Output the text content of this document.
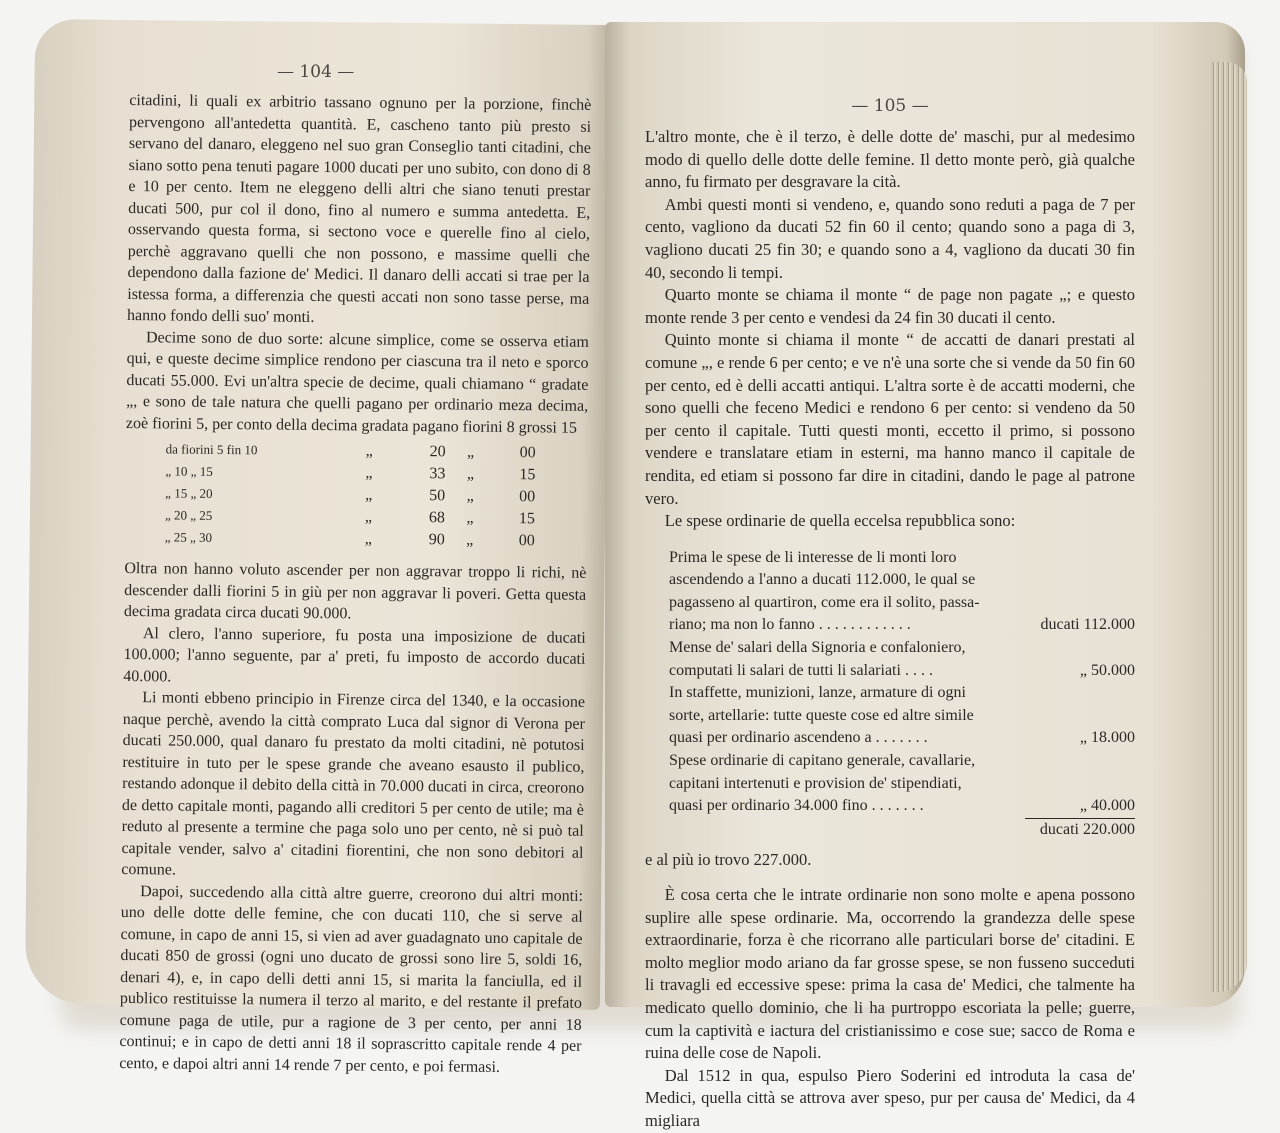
— 104 —

citadini, li quali ex arbitrio tassano ognuno per la porzione, finchè pervengono all'antedetta quantità. E, cascheno tanto più presto si servano del danaro, eleggeno nel suo gran Conseglio tanti citadini, che siano sotto pena tenuti pagare 1000 ducati per uno subito, con dono di 8 e 10 per cento. Item ne eleggeno delli altri che siano tenuti prestar ducati 500, pur col il dono, fino al numero e summa antedetta. E, osservando questa forma, si sectono voce e querelle fino al cielo, perchè aggravano quelli che non possono, e massime quelli che dependono dalla fazione de' Medici. Il danaro delli accati si trae per la istessa forma, a differenzia che questi accati non sono tasse perse, ma hanno fondo delli suo' monti.

Decime sono de duo sorte: alcune simplice, come se osserva etiam qui, e queste decime simplice rendono per ciascuna tra il neto e sporco ducati 55.000. Evi un'altra specie de decime, quali chiamano “ gradate „, e sono de tale natura che quelli pagano per ordinario meza decima, zoè fiorini 5, per conto della decima gradata pagano fiorini 8 grossi 15

da fiorini 5 fin 10	„	20	„	00
„ 10 „ 15	„	33	„	15
„ 15 „ 20	„	50	„	00
„ 20 „ 25	„	68	„	15
„ 25 „ 30	„	90	„	00

Oltra non hanno voluto ascender per non aggravar troppo li richi, nè descender dalli fiorini 5 in giù per non aggravar li poveri. Getta questa decima gradata circa ducati 90.000.

Al clero, l'anno superiore, fu posta una imposizione de ducati 100.000; l'anno seguente, par a' preti, fu imposto de accordo ducati 40.000.

Li monti ebbeno principio in Firenze circa del 1340, e la occasione naque perchè, avendo la città comprato Luca dal signor di Verona per ducati 250.000, qual danaro fu prestato da molti citadini, nè potutosi restituire in tuto per le spese grande che aveano esausto il publico, restando adonque il debito della città in 70.000 ducati in circa, creorono de detto capitale monti, pagando alli creditori 5 per cento de utile; ma è reduto al presente a termine che paga solo uno per cento, nè si può tal capitale vender, salvo a' citadini fiorentini, che non sono debitori al comune.

Dapoi, succedendo alla città altre guerre, creorono dui altri monti: uno delle dotte delle femine, che con ducati 110, che si serve al comune, in capo de anni 15, si vien ad aver guadagnato uno capitale de ducati 850 de grossi (ogni uno ducato de grossi sono lire 5, soldi 16, denari 4), e, in capo delli detti anni 15, si marita la fanciulla, ed il publico restituisse la numera il terzo al marito, e del restante il prefato comune paga de utile, pur a ragione de 3 per cento, per anni 18 continui; e in capo de detti anni 18 il soprascritto capitale rende 4 per cento, e dapoi altri anni 14 rende 7 per cento, e poi fermasi.

— 105 —

L'altro monte, che è il terzo, è delle dotte de' maschi, pur al medesimo modo di quello delle dotte delle femine. Il detto monte però, già qualche anno, fu firmato per desgravare la cità.

Ambi questi monti si vendeno, e, quando sono reduti a paga de 7 per cento, vagliono da ducati 52 fin 60 il cento; quando sono a paga di 3, vagliono ducati 25 fin 30; e quando sono a 4, vagliono da ducati 30 fin 40, secondo li tempi.

Quarto monte se chiama il monte “ de page non pagate „; e questo monte rende 3 per cento e vendesi da 24 fin 30 ducati il cento.

Quinto monte si chiama il monte “ de accatti de danari prestati al comune „, e rende 6 per cento; e ve n'è una sorte che si vende da 50 fin 60 per cento, ed è delli accatti antiqui. L'altra sorte è de accatti moderni, che sono quelli che feceno Medici e rendono 6 per cento: si vendeno da 50 per cento il capitale. Tutti questi monti, eccetto il primo, si possono vendere e translatare etiam in esterni, ma hanno manco il capitale de rendita, ed etiam si possono far dire in citadini, dando le page al patrone vero.

Le spese ordinarie de quella eccelsa repubblica sono:

Prima le spese de li interesse de li monti loro
ascendendo a l'anno a ducati 112.000, le qual se
pagasseno al quartiron, come era il solito, passa-
riano; ma non lo fanno . . . . . . . . . . . .	ducati 112.000
Mense de' salari della Signoria e confaloniero,
computati li salari de tutti li salariati . . . .	„ 50.000
In staffette, munizioni, lanze, armature di ogni
sorte, artellarie: tutte queste cose ed altre simile
quasi per ordinario ascendeno a . . . . . . .	„ 18.000
Spese ordinarie di capitano generale, cavallarie,
capitani intertenuti e provision de' stipendiati,
quasi per ordinario 34.000 fino . . . . . . .	„ 40.000
ducati 220.000

e al più io trovo 227.000.

È cosa certa che le intrate ordinarie non sono molte e apena possono suplire alle spese ordinarie. Ma, occorrendo la grandezza delle spese extraordinarie, forza è che ricorrano alle particulari borse de' citadini. E molto meglior modo ariano da far grosse spese, se non fusseno succeduti li travagli ed eccessive spese: prima la casa de' Medici, che talmente ha medicato quello dominio, che li ha purtroppo escoriata la pelle; guerre, cum la captività e iactura del cristianissimo e cose sue; sacco de Roma e ruina delle cose de Napoli.

Dal 1512 in qua, espulso Piero Soderini ed introduta la casa de' Medici, quella città se attrova aver speso, pur per causa de' Medici, da 4 migliara
